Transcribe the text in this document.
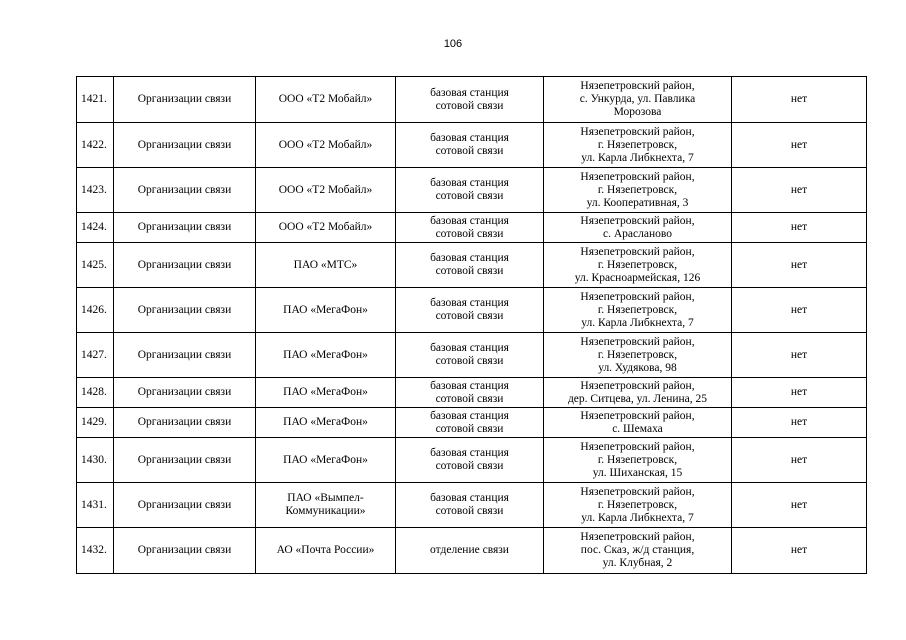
106
1421.	Организации связи	ООО «Т2 Мобайл»	базовая станция
сотовой связи	Нязепетровский район,
с. Ункурда, ул. Павлика
Морозова	нет
1422.	Организации связи	ООО «Т2 Мобайл»	базовая станция
сотовой связи	Нязепетровский район,
г. Нязепетровск,
ул. Карла Либкнехта, 7	нет
1423.	Организации связи	ООО «Т2 Мобайл»	базовая станция
сотовой связи	Нязепетровский район,
г. Нязепетровск,
ул. Кооперативная, 3	нет
1424.	Организации связи	ООО «Т2 Мобайл»	базовая станция
сотовой связи	Нязепетровский район,
с. Арасланово	нет
1425.	Организации связи	ПАО «МТС»	базовая станция
сотовой связи	Нязепетровский район,
г. Нязепетровск,
ул. Красноармейская, 126	нет
1426.	Организации связи	ПАО «МегаФон»	базовая станция
сотовой связи	Нязепетровский район,
г. Нязепетровск,
ул. Карла Либкнехта, 7	нет
1427.	Организации связи	ПАО «МегаФон»	базовая станция
сотовой связи	Нязепетровский район,
г. Нязепетровск,
ул. Худякова, 98	нет
1428.	Организации связи	ПАО «МегаФон»	базовая станция
сотовой связи	Нязепетровский район,
дер. Ситцева, ул. Ленина, 25	нет
1429.	Организации связи	ПАО «МегаФон»	базовая станция
сотовой связи	Нязепетровский район,
с. Шемаха	нет
1430.	Организации связи	ПАО «МегаФон»	базовая станция
сотовой связи	Нязепетровский район,
г. Нязепетровск,
ул. Шиханская, 15	нет
1431.	Организации связи	ПАО «Вымпел-
Коммуникации»	базовая станция
сотовой связи	Нязепетровский район,
г. Нязепетровск,
ул. Карла Либкнехта, 7	нет
1432.	Организации связи	АО «Почта России»	отделение связи	Нязепетровский район,
пос. Сказ, ж/д станция,
ул. Клубная, 2	нет
